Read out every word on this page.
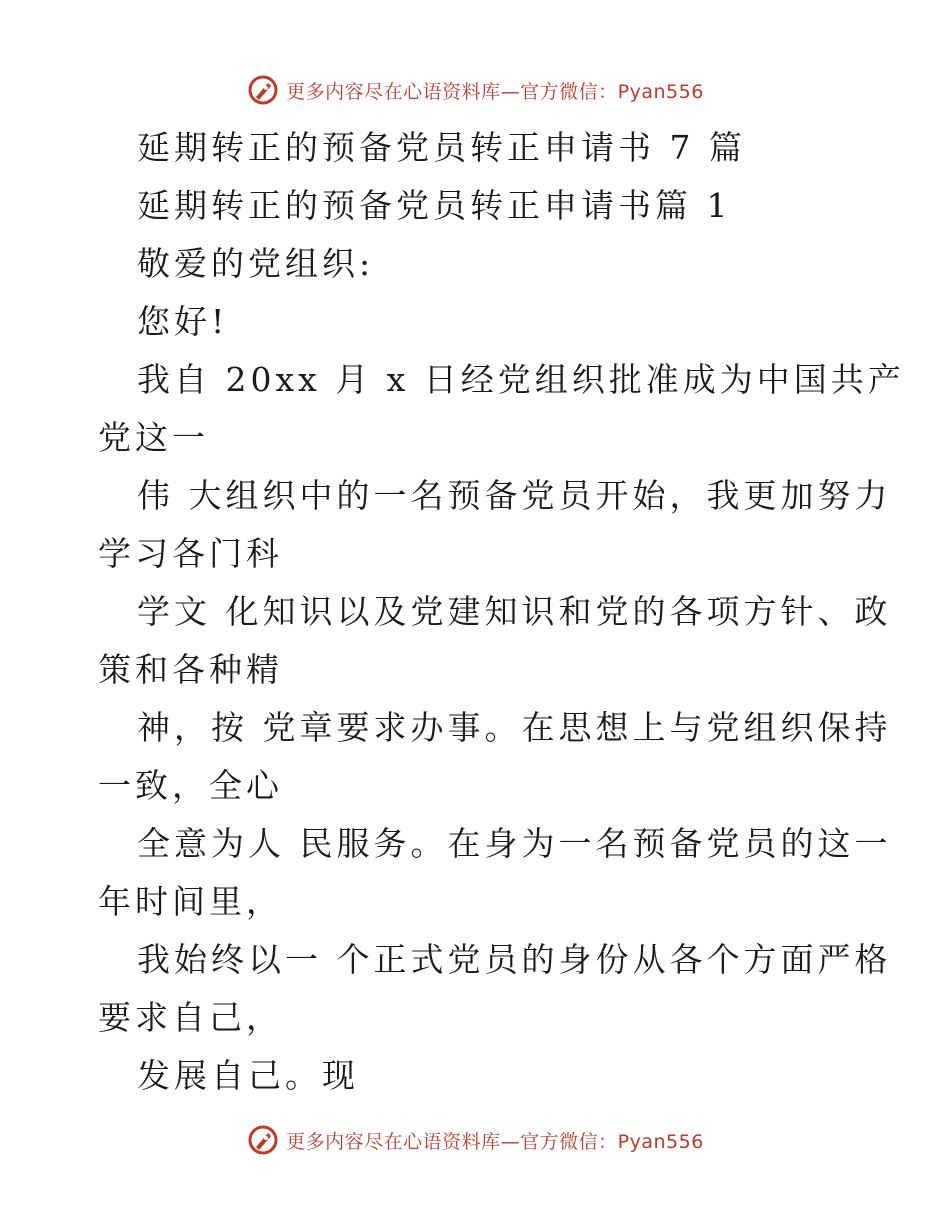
更多内容尽在心语资料库—官方微信：Pyan556
延期转正的预备党员转正申请书 7 篇
延期转正的预备党员转正申请书篇 1
敬爱的党组织:
您好!
我自 20xx 月 x 日经党组织批准成为中国共产
党这一
伟 大组织中的一名预备党员开始，我更加努力
学习各门科
学文 化知识以及党建知识和党的各项方针、政
策和各种精
神，按 党章要求办事。在思想上与党组织保持
一致，全心
全意为人 民服务。在身为一名预备党员的这一
年时间里，
我始终以一 个正式党员的身份从各个方面严格
要求自己，
发展自己。现
更多内容尽在心语资料库—官方微信：Pyan556
